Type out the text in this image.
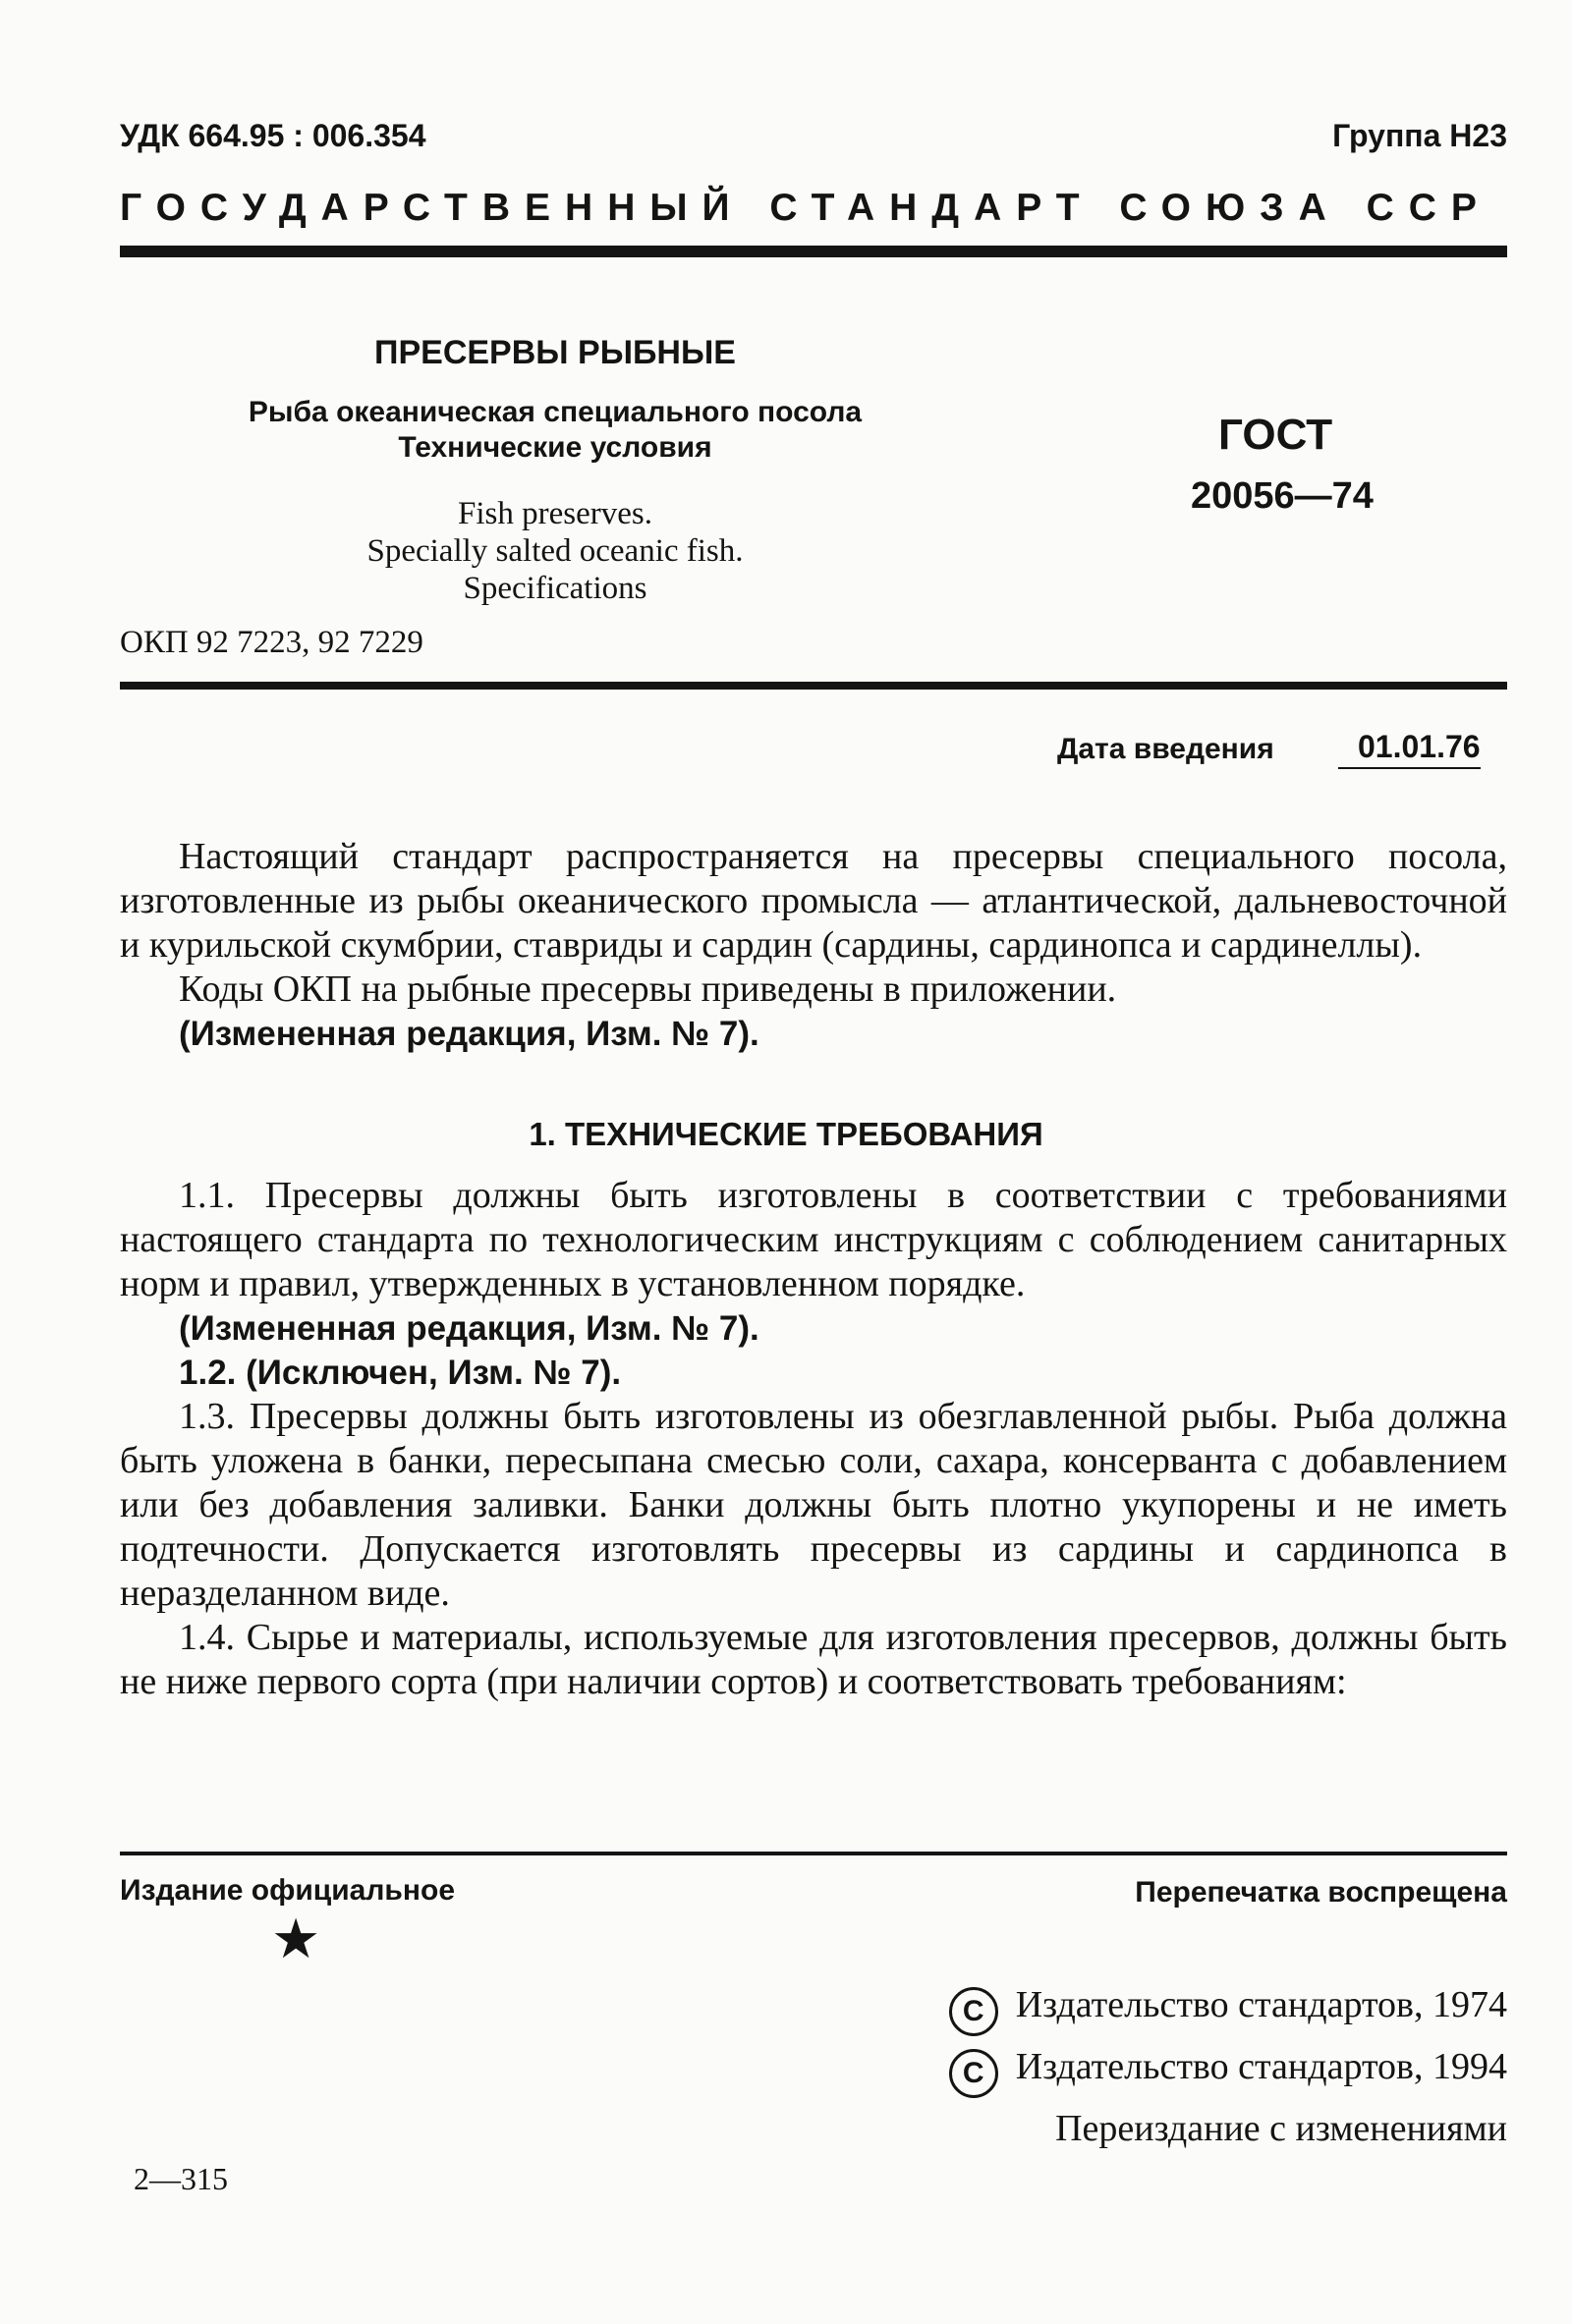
УДК 664.95 : 006.354	Группа Н23
ГОСУДАРСТВЕННЫЙ СТАНДАРТ СОЮЗА ССР
ПРЕСЕРВЫ РЫБНЫЕ
Рыба океаническая специального посола
Технические условия
Fish preserves.
Specially salted oceanic fish.
Specifications
ГОСТ
20056—74
ОКП 92 7223, 92 7229
Дата введения	01.01.76

Настоящий стандарт распространяется на пресервы специального посола, изготовленные из рыбы океанического промысла — атлантической, дальневосточной и курильской скумбрии, ставриды и сардин (сардины, сардинопса и сардинеллы).

Коды ОКП на рыбные пресервы приведены в приложении.

(Измененная редакция, Изм. № 7).

1. ТЕХНИЧЕСКИЕ ТРЕБОВАНИЯ

1.1. Пресервы должны быть изготовлены в соответствии с требованиями настоящего стандарта по технологическим инструкциям с соблюдением санитарных норм и правил, утвержденных в установленном порядке.

(Измененная редакция, Изм. № 7).

1.2. (Исключен, Изм. № 7).

1.3. Пресервы должны быть изготовлены из обезглавленной рыбы. Рыба должна быть уложена в банки, пересыпана смесью соли, сахара, консерванта с добавлением или без добавления заливки. Банки должны быть плотно укупорены и не иметь подтечности. Допускается изготовлять пресервы из сардины и сардинопса в неразделанном виде.

1.4. Сырье и материалы, используемые для изготовления пресервов, должны быть не ниже первого сорта (при наличии сортов) и соответствовать требованиям:

Издание официальное	Перепечатка воспрещена
★
С Издательство стандартов, 1974
С Издательство стандартов, 1994
Переиздание с изменениями
2—315
